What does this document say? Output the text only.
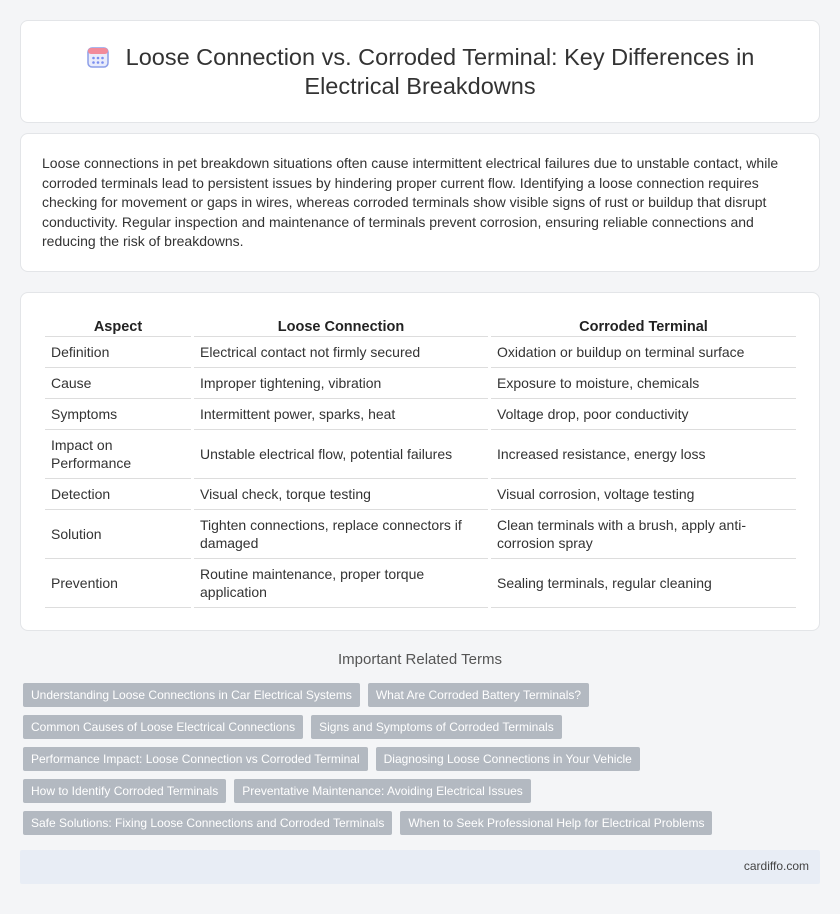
Loose Connection vs. Corroded Terminal: Key Differences in
Electrical Breakdowns

Loose connections in pet breakdown situations often cause intermittent electrical failures due to unstable contact, while corroded terminals lead to persistent issues by hindering proper current flow. Identifying a loose connection requires checking for movement or gaps in wires, whereas corroded terminals show visible signs of rust or buildup that disrupt conductivity. Regular inspection and maintenance of terminals prevent corrosion, ensuring reliable connections and reducing the risk of breakdowns.

Aspect	Loose Connection	Corroded Terminal
Definition	Electrical contact not firmly secured	Oxidation or buildup on terminal surface
Cause	Improper tightening, vibration	Exposure to moisture, chemicals
Symptoms	Intermittent power, sparks, heat	Voltage drop, poor conductivity
Impact on Performance	Unstable electrical flow, potential failures	Increased resistance, energy loss
Detection	Visual check, torque testing	Visual corrosion, voltage testing
Solution	Tighten connections, replace connectors if damaged	Clean terminals with a brush, apply anti-corrosion spray
Prevention	Routine maintenance, proper torque application	Sealing terminals, regular cleaning
Important Related Terms
Understanding Loose Connections in Car Electrical Systems	What Are Corroded Battery Terminals?
Common Causes of Loose Electrical Connections	Signs and Symptoms of Corroded Terminals
Performance Impact: Loose Connection vs Corroded Terminal	Diagnosing Loose Connections in Your Vehicle
How to Identify Corroded Terminals	Preventative Maintenance: Avoiding Electrical Issues
Safe Solutions: Fixing Loose Connections and Corroded Terminals	When to Seek Professional Help for Electrical Problems
cardiffo.com
